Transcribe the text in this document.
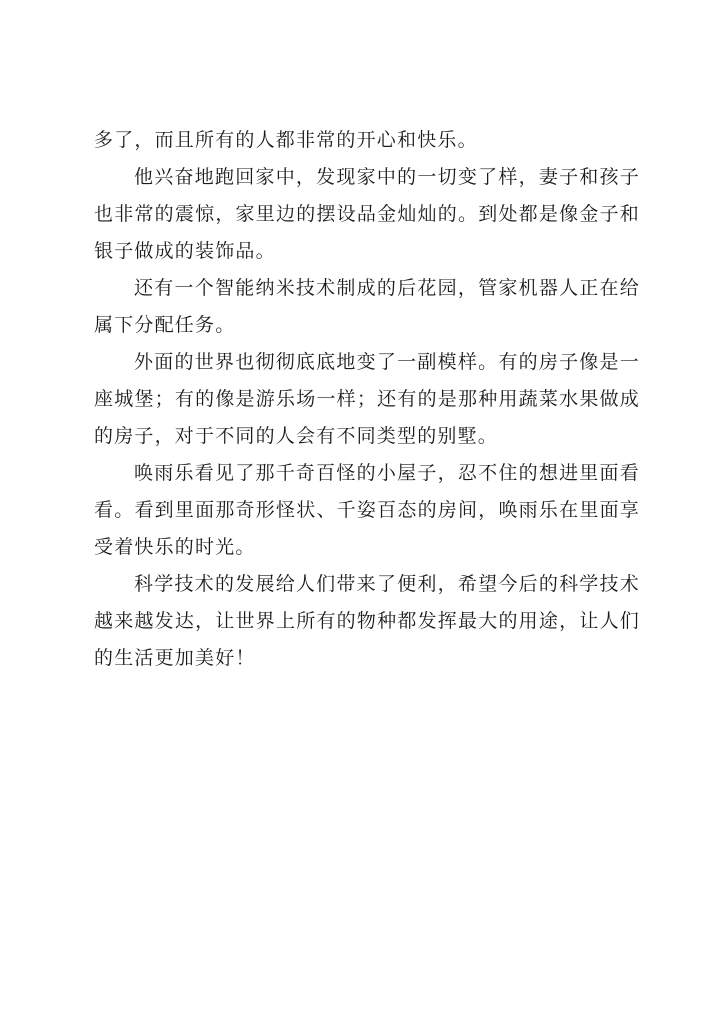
多了，而且所有的人都非常的开心和快乐。

他兴奋地跑回家中，发现家中的一切变了样，妻子和孩子也非常的震惊，家里边的摆设品金灿灿的。到处都是像金子和银子做成的装饰品。

还有一个智能纳米技术制成的后花园，管家机器人正在给属下分配任务。

外面的世界也彻彻底底地变了一副模样。有的房子像是一座城堡；有的像是游乐场一样；还有的是那种用蔬菜水果做成的房子，对于不同的人会有不同类型的别墅。

唤雨乐看见了那千奇百怪的小屋子，忍不住的想进里面看看。看到里面那奇形怪状、千姿百态的房间，唤雨乐在里面享受着快乐的时光。

科学技术的发展给人们带来了便利，希望今后的科学技术越来越发达，让世界上所有的物种都发挥最大的用途，让人们的生活更加美好！
